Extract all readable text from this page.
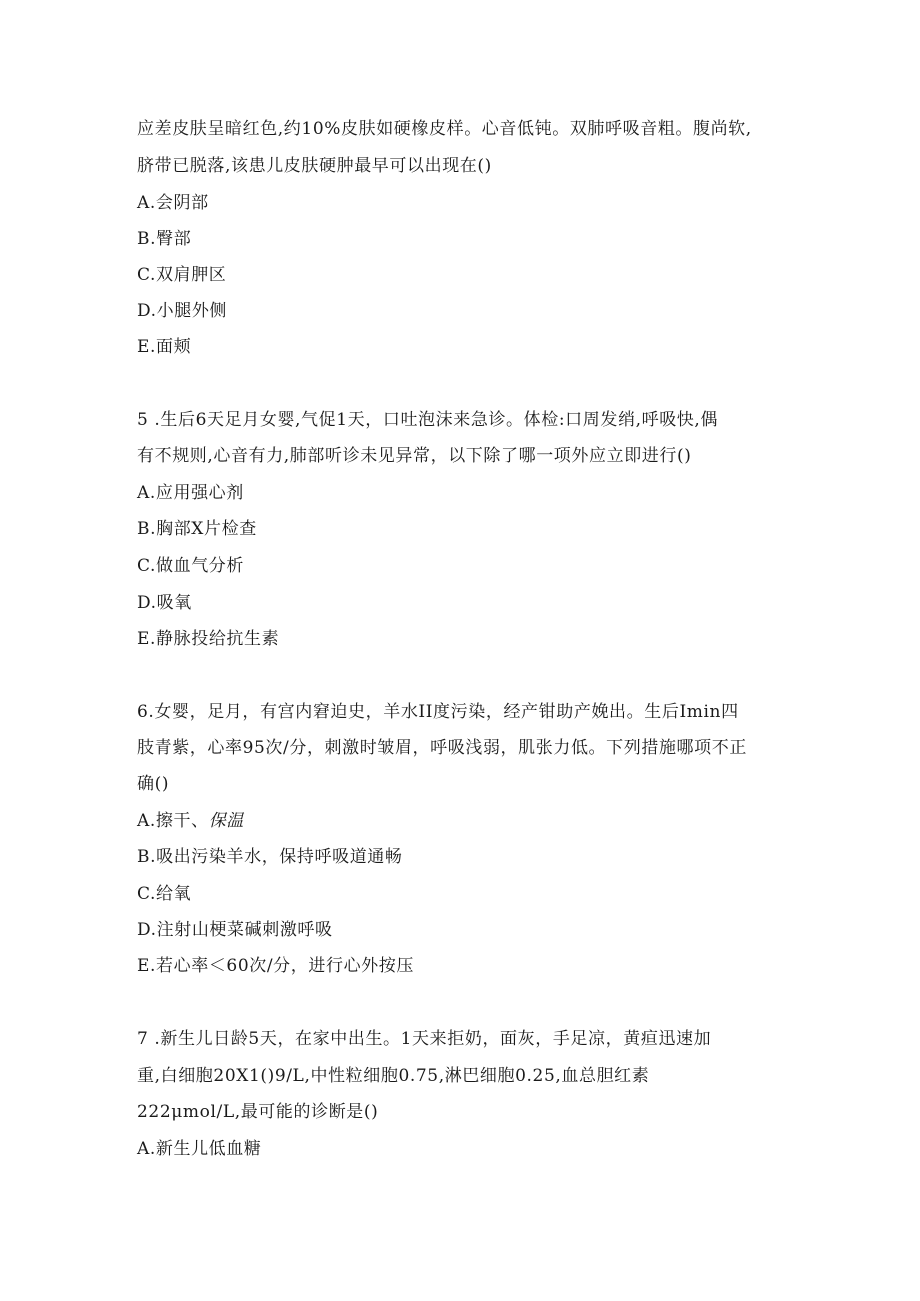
应差皮肤呈暗红色,约10%皮肤如硬橡皮样。心音低钝。双肺呼吸音粗。腹尚软,
脐带已脱落,该患儿皮肤硬肿最早可以出现在()
A.会阴部
B.臀部
C.双肩胛区
D.小腿外侧
E.面颊
5 .生后6天足月女婴,气促1天，口吐泡沫来急诊。体检:口周发绡,呼吸快,偶
有不规则,心音有力,肺部听诊未见异常，以下除了哪一项外应立即进行()
A.应用强心剂
B.胸部X片检查
C.做血气分析
D.吸氧
E.静脉投给抗生素
6.女婴，足月，有宫内窘迫史，羊水II度污染，经产钳助产娩出。生后Imin四
肢青紫，心率95次/分，刺激时皱眉，呼吸浅弱，肌张力低。下列措施哪项不正
确()
A.擦干、保温
B.吸出污染羊水，保持呼吸道通畅
C.给氧
D.注射山梗菜碱刺激呼吸
E.若心率＜60次/分，进行心外按压
7 .新生儿日龄5天，在家中出生。1天来拒奶，面灰，手足凉，黄疸迅速加
重,白细胞20X1()9/L,中性粒细胞0.75,淋巴细胞0.25,血总胆红素
222μmol/L,最可能的诊断是()
A.新生儿低血糖
